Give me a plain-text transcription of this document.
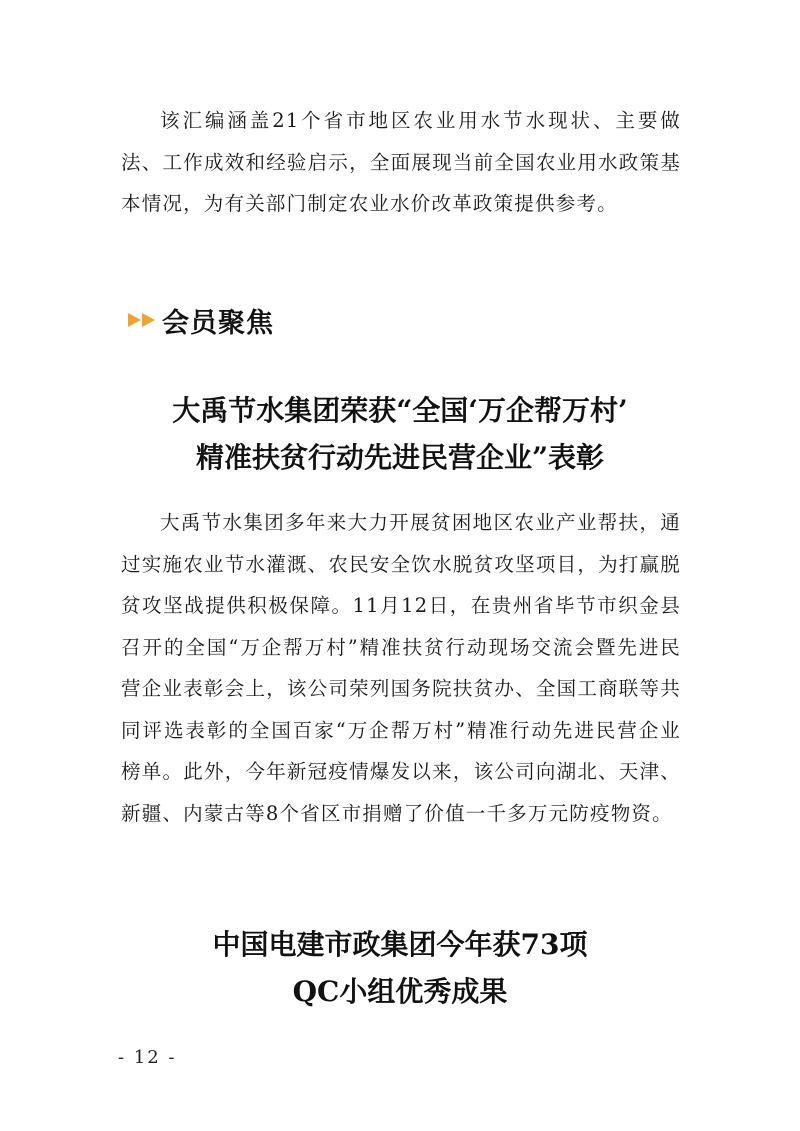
该汇编涵盖21个省市地区农业用水节水现状、主要做法、工作成效和经验启示，全面展现当前全国农业用水政策基本情况，为有关部门制定农业水价改革政策提供参考。

会员聚焦
大禹节水集团荣获“全国‘万企帮万村’
精准扶贫行动先进民营企业”表彰

大禹节水集团多年来大力开展贫困地区农业产业帮扶，通过实施农业节水灌溉、农民安全饮水脱贫攻坚项目，为打赢脱贫攻坚战提供积极保障。11月12日，在贵州省毕节市织金县召开的全国“万企帮万村”精准扶贫行动现场交流会暨先进民营企业表彰会上，该公司荣列国务院扶贫办、全国工商联等共同评选表彰的全国百家“万企帮万村”精准行动先进民营企业榜单。此外，今年新冠疫情爆发以来，该公司向湖北、天津、新疆、内蒙古等8个省区市捐赠了价值一千多万元防疫物资。

中国电建市政集团今年获73项
QC小组优秀成果
- 12 -
